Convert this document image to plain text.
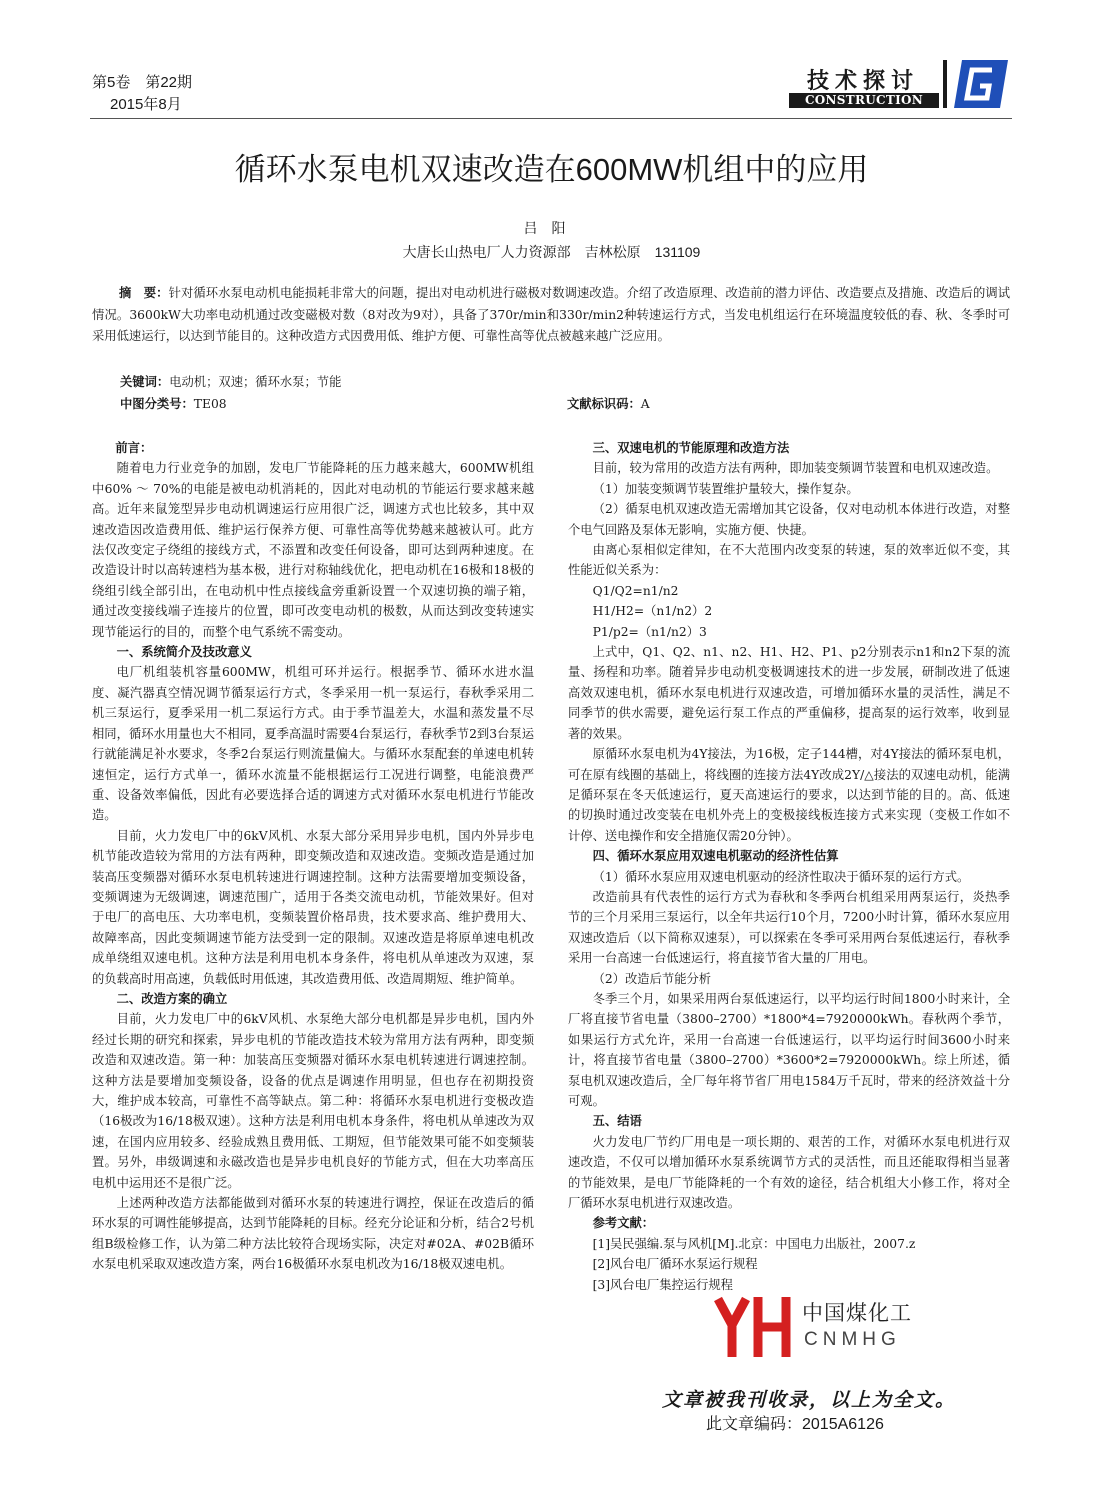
第5卷　第22期
2015年8月
技术探讨
CONSTRUCTION
循环水泵电机双速改造在600MW机组中的应用
吕阳
大唐长山热电厂人力资源部　吉林松原　131109
摘　要：针对循环水泵电动机电能损耗非常大的问题，提出对电动机进行磁极对数调速改造。介绍了改造原理、改造前的潜力评估、改造要点及措施、改造后的调试情况。3600kW大功率电动机通过改变磁极对数（8对改为9对），具备了370r/min和330r/min2种转速运行方式，当发电机组运行在环境温度较低的春、秋、冬季时可采用低速运行，以达到节能目的。这种改造方式因费用低、维护方便、可靠性高等优点被越来越广泛应用。
关键词：电动机；双速；循环水泵；节能
中图分类号：TE08	文献标识码：A

前言：

随着电力行业竞争的加剧，发电厂节能降耗的压力越来越大，600MW机组中60% ～ 70%的电能是被电动机消耗的，因此对电动机的节能运行要求越来越高。近年来鼠笼型异步电动机调速运行应用很广泛，调速方式也比较多，其中双速改造因改造费用低、维护运行保养方便、可靠性高等优势越来越被认可。此方法仅改变定子绕组的接线方式，不添置和改变任何设备，即可达到两种速度。在改造设计时以高转速档为基本极，进行对称轴线优化，把电动机在16极和18极的绕组引线全部引出，在电动机中性点接线盒旁重新设置一个双速切换的端子箱，通过改变接线端子连接片的位置，即可改变电动机的极数，从而达到改变转速实现节能运行的目的，而整个电气系统不需变动。

一、系统简介及技改意义

电厂机组装机容量600MW，机组可环并运行。根据季节、循环水进水温度、凝汽器真空情况调节循泵运行方式，冬季采用一机一泵运行，春秋季采用二机三泵运行，夏季采用一机二泵运行方式。由于季节温差大，水温和蒸发量不尽相同，循环水用量也大不相同，夏季高温时需要4台泵运行，春秋季节2到3台泵运行就能满足补水要求，冬季2台泵运行则流量偏大。与循环水泵配套的单速电机转速恒定，运行方式单一，循环水流量不能根据运行工况进行调整，电能浪费严重、设备效率偏低，因此有必要选择合适的调速方式对循环水泵电机进行节能改造。

目前，火力发电厂中的6kV风机、水泵大部分采用异步电机，国内外异步电机节能改造较为常用的方法有两种，即变频改造和双速改造。变频改造是通过加装高压变频器对循环水泵电机转速进行调速控制。这种方法需要增加变频设备，变频调速为无级调速，调速范围广，适用于各类交流电动机，节能效果好。但对于电厂的高电压、大功率电机，变频装置价格昂贵，技术要求高、维护费用大、故障率高，因此变频调速节能方法受到一定的限制。双速改造是将原单速电机改成单绕组双速电机。这种方法是利用电机本身条件，将电机从单速改为双速，泵的负载高时用高速，负载低时用低速，其改造费用低、改造周期短、维护简单。

二、改造方案的确立

目前，火力发电厂中的6kV风机、水泵绝大部分电机都是异步电机，国内外经过长期的研究和探索，异步电机的节能改造技术较为常用方法有两种，即变频改造和双速改造。第一种：加装高压变频器对循环水泵电机转速进行调速控制。这种方法是要增加变频设备，设备的优点是调速作用明显，但也存在初期投资大，维护成本较高，可靠性不高等缺点。第二种：将循环水泵电机进行变极改造（16极改为16/18极双速）。这种方法是利用电机本身条件，将电机从单速改为双速，在国内应用较多、经验成熟且费用低、工期短，但节能效果可能不如变频装置。另外，串级调速和永磁改造也是异步电机良好的节能方式，但在大功率高压电机中运用还不是很广泛。

上述两种改造方法都能做到对循环水泵的转速进行调控，保证在改造后的循环水泵的可调性能够提高，达到节能降耗的目标。经充分论证和分析，结合2号机组B级检修工作，认为第二种方法比较符合现场实际，决定对#02A、#02B循环水泵电机采取双速改造方案，两台16极循环水泵电机改为16/18极双速电机。

三、双速电机的节能原理和改造方法

目前，较为常用的改造方法有两种，即加装变频调节装置和电机双速改造。

（1）加装变频调节装置维护量较大，操作复杂。

（2）循泵电机双速改造无需增加其它设备，仅对电动机本体进行改造，对整个电气回路及泵体无影响，实施方便、快捷。

由离心泵相似定律知，在不大范围内改变泵的转速，泵的效率近似不变，其性能近似关系为：

Q1/Q2=n1/n2

H1/H2=（n1/n2）2

P1/p2=（n1/n2）3

上式中，Q1、Q2、n1、n2、H1、H2、P1、p2分别表示n1和n2下泵的流量、扬程和功率。随着异步电动机变极调速技术的进一步发展，研制改进了低速高效双速电机，循环水泵电机进行双速改造，可增加循环水量的灵活性，满足不同季节的供水需要，避免运行泵工作点的严重偏移，提高泵的运行效率，收到显著的效果。

原循环水泵电机为4Y接法，为16极，定子144槽，对4Y接法的循环泵电机，可在原有线圈的基础上，将线圈的连接方法4Y改成2Y/△接法的双速电动机，能满足循环泵在冬天低速运行，夏天高速运行的要求，以达到节能的目的。高、低速的切换时通过改变装在电机外壳上的变极接线板连接方式来实现（变极工作如不计停、送电操作和安全措施仅需20分钟）。

四、循环水泵应用双速电机驱动的经济性估算

（1）循环水泵应用双速电机驱动的经济性取决于循环泵的运行方式。

改造前具有代表性的运行方式为春秋和冬季两台机组采用两泵运行，炎热季节的三个月采用三泵运行，以全年共运行10个月，7200小时计算，循环水泵应用双速改造后（以下简称双速泵），可以探索在冬季可采用两台泵低速运行，春秋季采用一台高速一台低速运行，将直接节省大量的厂用电。

（2）改造后节能分析

冬季三个月，如果采用两台泵低速运行，以平均运行时间1800小时来计，全厂将直接节省电量（3800–2700）*1800*4=7920000kWh。春秋两个季节，如果运行方式允许，采用一台高速一台低速运行，以平均运行时间3600小时来计，将直接节省电量（3800–2700）*3600*2=7920000kWh。综上所述，循泵电机双速改造后，全厂每年将节省厂用电1584万千瓦时，带来的经济效益十分可观。

五、结语

火力发电厂节约厂用电是一项长期的、艰苦的工作，对循环水泵电机进行双速改造，不仅可以增加循环水泵系统调节方式的灵活性，而且还能取得相当显著的节能效果，是电厂节能降耗的一个有效的途径，结合机组大小修工作，将对全厂循环水泵电机进行双速改造。

参考文献：

[1]吴民强编.泵与风机[M].北京：中国电力出版社，2007.z

[2]风台电厂循环水泵运行规程

[3]风台电厂集控运行规程

中国煤化工
CNMHG
文章被我刊收录，以上为全文。
此文章编码：2015A6126
